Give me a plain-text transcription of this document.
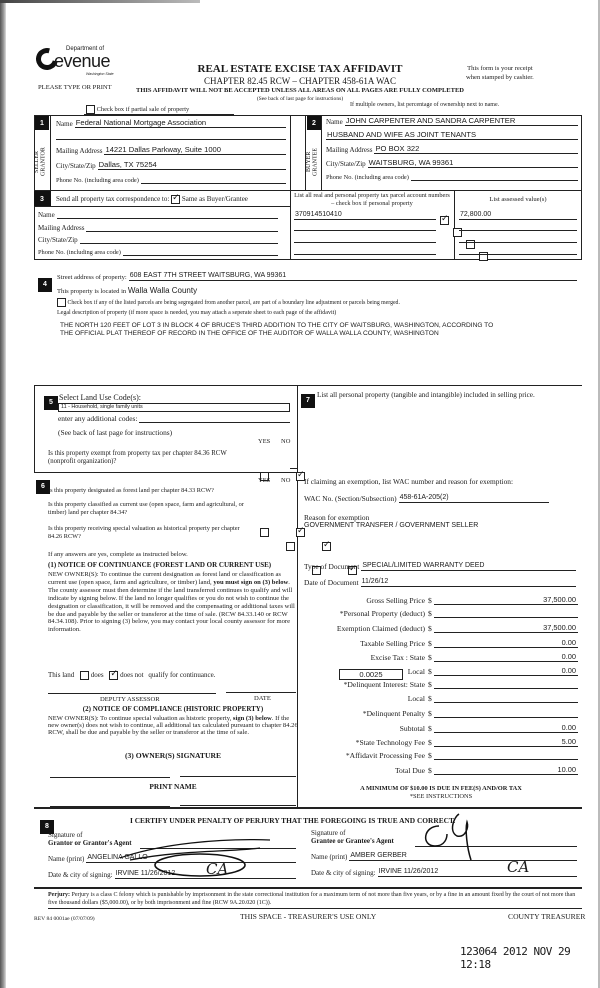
Department of
evenue
Washington State
PLEASE TYPE OR PRINT
REAL ESTATE EXCISE TAX AFFIDAVIT
CHAPTER 82.45 RCW – CHAPTER 458-61A WAC
THIS AFFIDAVIT WILL NOT BE ACCEPTED UNLESS ALL AREAS ON ALL PAGES ARE FULLY COMPLETED
(See back of last page for instructions)
This form is your receipt
when stamped by cashier.
Check box if partial sale of property
If multiple owners, list percentage of ownership next to name.
1
SELLER
GRANTOR
Name Federal National Mortgage Association
Mailing Address 14221 Dallas Parkway, Suite 1000
City/State/Zip Dallas, TX 75254
Phone No. (including area code)
2
BUYER
GRANTEE
Name JOHN CARPENTER AND SANDRA CARPENTER
HUSBAND AND WIFE AS JOINT TENANTS
Mailing Address PO BOX 322
City/State/Zip WAITSBURG, WA 99361
Phone No. (including area code)
3	Send all property tax correspondence to: ✓ Same as Buyer/Grantee
Name
Mailing Address
City/State/Zip
Phone No. (including area code)
List all real and personal property tax parcel account numbers – check box if personal property	List assessed value(s)
370914510410
✓	72,800.00

4
Street address of property: 608 EAST 7TH STREET WAITSBURG, WA 99361
This property is located in Walla Walla County
Check box if any of the listed parcels are being segregated from another parcel, are part of a boundary line adjustment or parcels being merged.
Legal description of property (if more space is needed, you may attach a seperate sheet to each page of the affidavit)
THE NORTH 120 FEET OF LOT 3 IN BLOCK 4 OF BRUCE'S THIRD ADDITION TO THE CITY OF WAITSBURG, WASHINGTON, ACCORDING TO THE OFFICIAL PLAT THEREOF OF RECORD IN THE OFFICE OF THE AUDITOR OF WALLA WALLA COUNTY, WASHINGTON
5
Select Land Use Code(s):
11 - Household, single family units
enter any additional codes:
(See back of last page for instructions)
YES NO
Is this property exempt from property tax per chapter 84.36 RCW (nonprofit organization)?
✓
6
YES NO
Is this property designated as forest land per chapter 84.33 RCW?
✓
Is this property classified as current use (open space, farm and agricultural, or timber) land per chapter 84.34?
✓
Is this property receiving special valuation as historical property per chapter 84.26 RCW?
✓
If any answers are yes, complete as instructed below.
(1) NOTICE OF CONTINUANCE (FOREST LAND OR CURRENT USE)
NEW OWNER(S): To continue the current designation as forest land or classification as current use (open space, farm and agriculture, or timber) land, you must sign on (3) below. The county assessor must then determine if the land transferred continues to qualify and will indicate by signing below. If the land no longer qualifies or you do not wish to continue the designation or classification, it will be removed and the compensating or additional taxes will be due and payable by the seller or transferor at the time of sale. (RCW 84.33.140 or RCW 84.34.108). Prior to signing (3) below, you may contact your local county assessor for more information.
This land does ✓ does not qualify for continuance.
DEPUTY ASSESSOR	DATE
(2) NOTICE OF COMPLIANCE (HISTORIC PROPERTY)
NEW OWNER(S): To continue special valuation as historic property, sign (3) below. If the new owner(s) does not wish to continue, all additional tax calculated pursuant to chapter 84.26 RCW, shall be due and payable by the seller or transferor at the time of sale.
(3) OWNER(S) SIGNATURE
PRINT NAME
7
List all personal property (tangible and intangible) included in selling price.
If claiming an exemption, list WAC number and reason for exemption:
WAC No. (Section/Subsection) 458-61A-205(2)
Reason for exemption
GOVERNMENT TRANSFER / GOVERNMENT SELLER
Type of Document SPECIAL/LIMITED WARRANTY DEED
Date of Document 11/26/12
0.0025
Gross Selling Price $	37,500.00
*Personal Property (deduct) $
Exemption Claimed (deduct) $	37,500.00
Taxable Selling Price $	0.00
Excise Tax : State $	0.00
Local $	0.00
*Delinquent Interest: State $
Local $
*Delinquent Penalty $
Subtotal $	0.00
*State Technology Fee $	5.00
*Affidavit Processing Fee $
Total Due $	10.00
A MINIMUM OF $10.00 IS DUE IN FEE(S) AND/OR TAX
*SEE INSTRUCTIONS
8
I CERTIFY UNDER PENALTY OF PERJURY THAT THE FOREGOING IS TRUE AND CORRECT.
Signature of
Grantor or Grantor's Agent
Name (print) ANGELINA GALLO
Date & city of signing: IRVINE 11/26/2012
Signature of
Grantee or Grantee's Agent
Name (print) AMBER GERBER
Date & city of signing: IRVINE 11/26/2012
CA	CA
Perjury: Perjury is a class C felony which is punishable by imprisonment in the state correctional institution for a maximum term of not more than five years, or by a fine in an amount fixed by the court of not more than five thousand dollars ($5,000.00), or by both imprisonment and fine (RCW 9A.20.020 (1C)).
REV 84 0001ae (07/07/09)	THIS SPACE - TREASURER'S USE ONLY	COUNTY TREASURER
123064 2012 NOV 29 12:18
